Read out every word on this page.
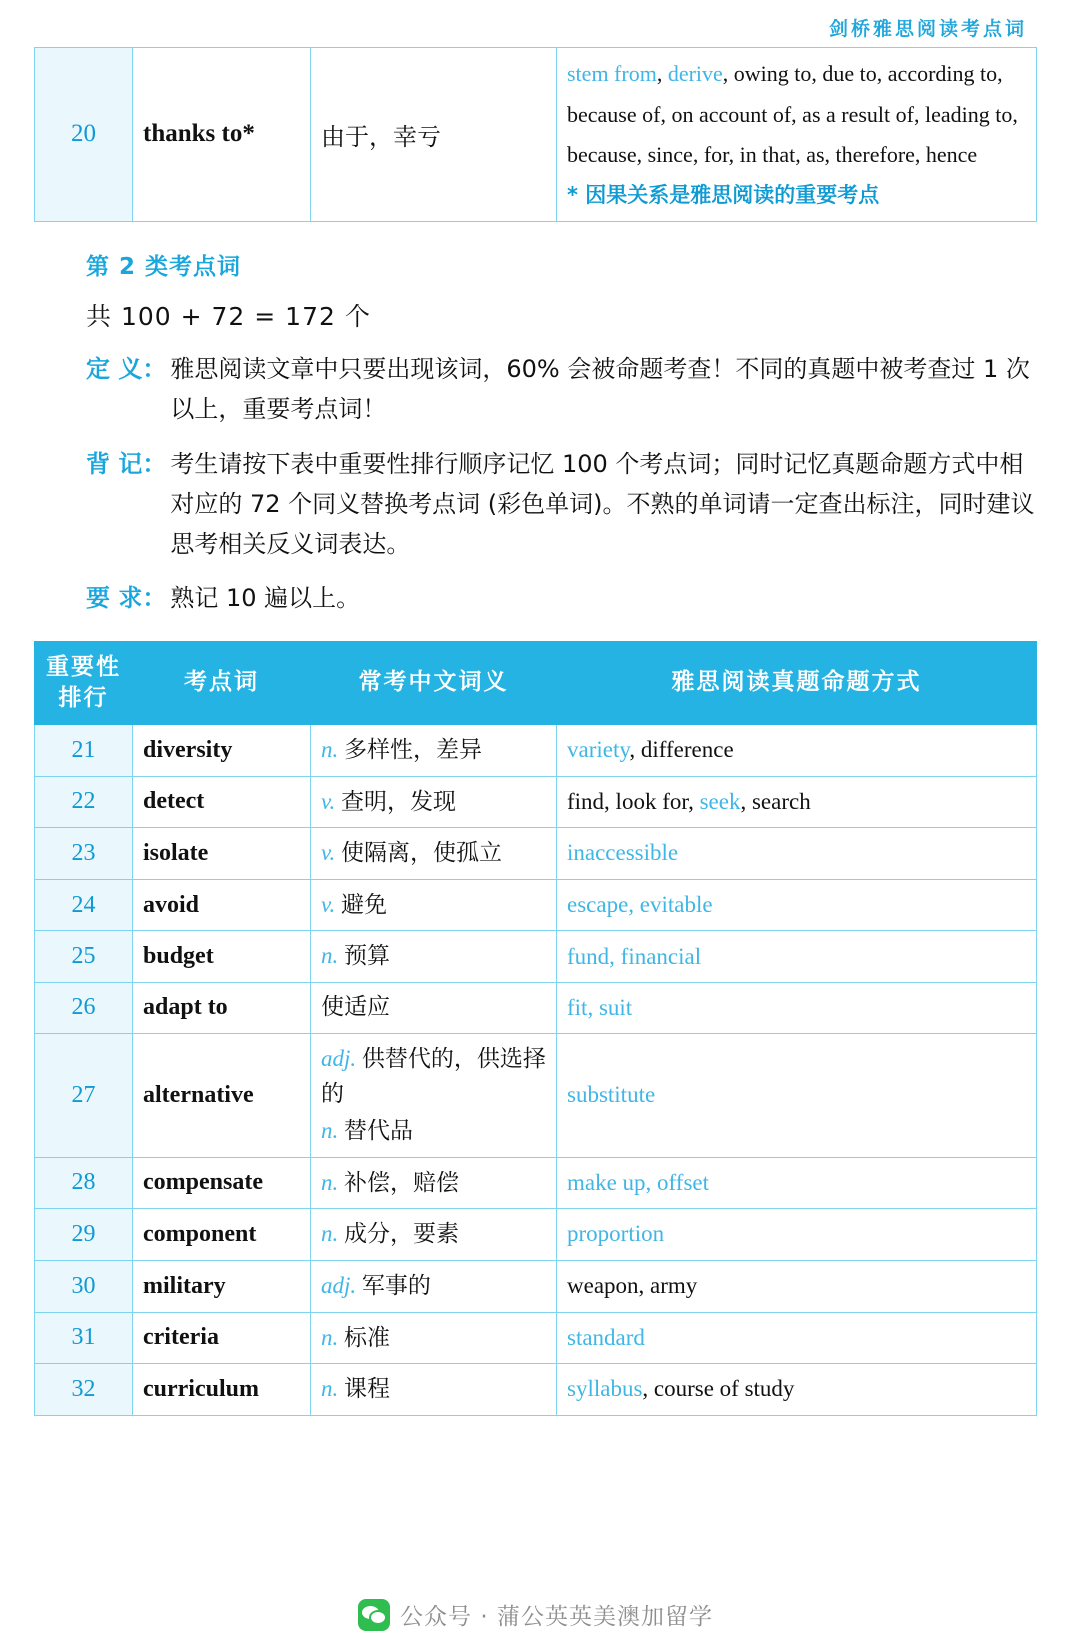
剑桥雅思阅读考点词
20	thanks to*	由于，幸亏	stem from, derive, owing to, due to, according to, because of, on account of, as a result of, leading to, because, since, for, in that, as, therefore, hence
* 因果关系是雅思阅读的重要考点
第 2 类考点词
共 100 + 72 = 172 个
定 义： 雅思阅读文章中只要出现该词，60% 会被命题考查！不同的真题中被考查过 1 次以上，重要考点词！
背 记： 考生请按下表中重要性排行顺序记忆 100 个考点词；同时记忆真题命题方式中相对应的 72 个同义替换考点词 (彩色单词)。不熟的单词请一定查出标注，同时建议思考相关反义词表达。
要 求： 熟记 10 遍以上。
重要性
排行	考点词	常考中文词义	雅思阅读真题命题方式
21	diversity	n. 多样性，差异	variety, difference
22	detect	v. 查明，发现	find, look for, seek, search
23	isolate	v. 使隔离，使孤立	inaccessible
24	avoid	v. 避免	escape, evitable
25	budget	n. 预算	fund, financial
26	adapt to	使适应	fit, suit
27	alternative	adj. 供替代的，供选择的
n. 替代品	substitute
28	compensate	n. 补偿，赔偿	make up, offset
29	component	n. 成分，要素	proportion
30	military	adj. 军事的	weapon, army
31	criteria	n. 标准	standard
32	curriculum	n. 课程	syllabus, course of study
公众号 · 蒲公英英美澳加留学
